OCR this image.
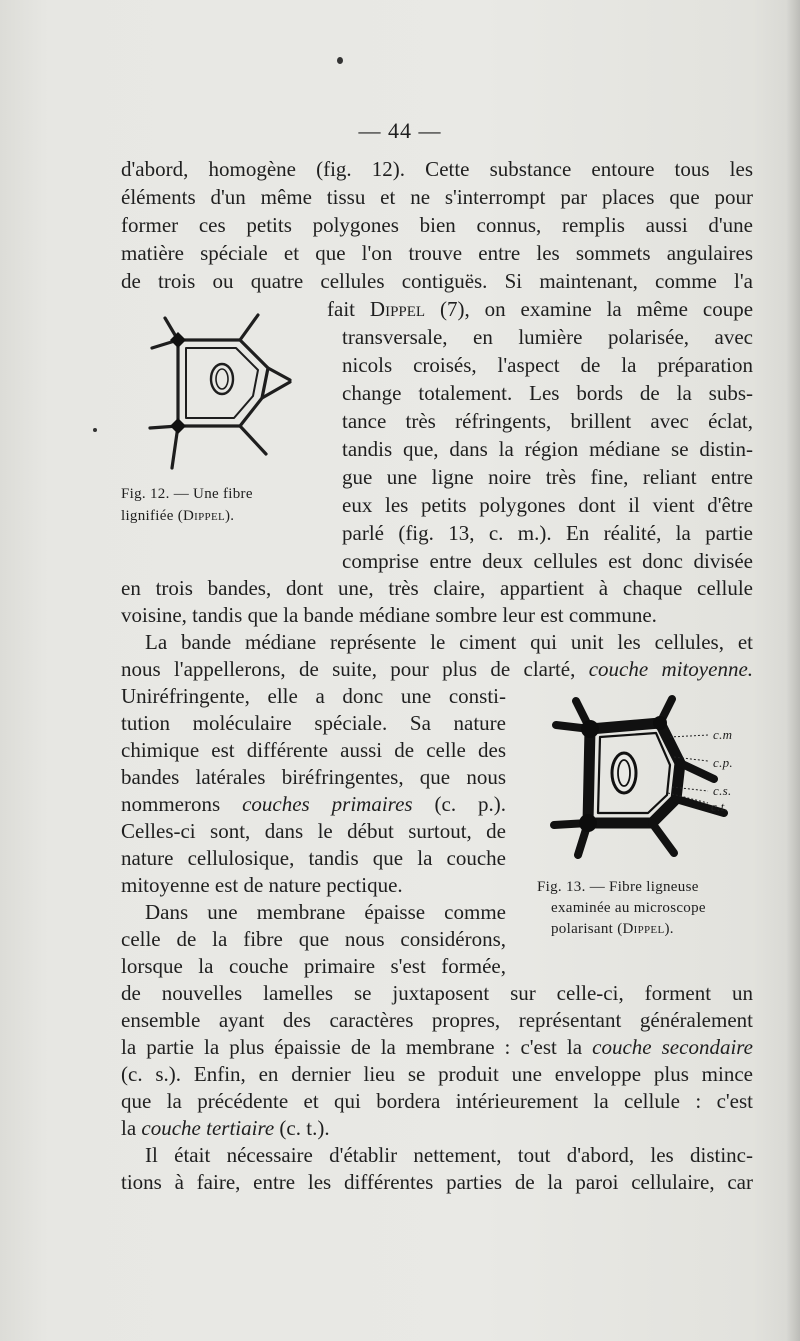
— 44 —
d'abord, homogène (fig. 12). Cette substance entoure tous les
éléments d'un même tissu et ne s'interrompt par places que pour
former ces petits polygones bien connus, remplis aussi d'une
matière spéciale et que l'on trouve entre les sommets angulaires
de trois ou quatre cellules contiguës. Si maintenant, comme l'a
fait Dippel (7), on examine la même coupe
transversale, en lumière polarisée, avec
nicols croisés, l'aspect de la préparation
change totalement. Les bords de la subs-
tance très réfringents, brillent avec éclat,
tandis que, dans la région médiane se distin-
gue une ligne noire très fine, reliant entre
eux les petits polygones dont il vient d'être
parlé (fig. 13, c. m.). En réalité, la partie
comprise entre deux cellules est donc divisée
en trois bandes, dont une, très claire, appartient à chaque cellule
voisine, tandis que la bande médiane sombre leur est commune.
La bande médiane représente le ciment qui unit les cellules, et
nous l'appellerons, de suite, pour plus de clarté, couche mitoyenne.
Uniréfringente, elle a donc une consti-
tution moléculaire spéciale. Sa nature
chimique est différente aussi de celle des
bandes latérales biréfringentes, que nous
nommerons couches primaires (c. p.).
Celles-ci sont, dans le début surtout, de
nature cellulosique, tandis que la couche
mitoyenne est de nature pectique.
Dans une membrane épaisse comme
celle de la fibre que nous considérons,
lorsque la couche primaire s'est formée,
de nouvelles lamelles se juxtaposent sur celle-ci, forment un
ensemble ayant des caractères propres, représentant généralement
la partie la plus épaissie de la membrane : c'est la couche secondaire
(c. s.). Enfin, en dernier lieu se produit une enveloppe plus mince
que la précédente et qui bordera intérieurement la cellule : c'est
la couche tertiaire (c. t.).
Il était nécessaire d'établir nettement, tout d'abord, les distinc-
tions à faire, entre les différentes parties de la paroi cellulaire, car
Fig. 12. — Une fibre
lignifiée (Dippel).
c.m
c.p.
c.s.
c.t.
Fig. 13. — Fibre ligneuse
examinée au microscope
polarisant (Dippel).
